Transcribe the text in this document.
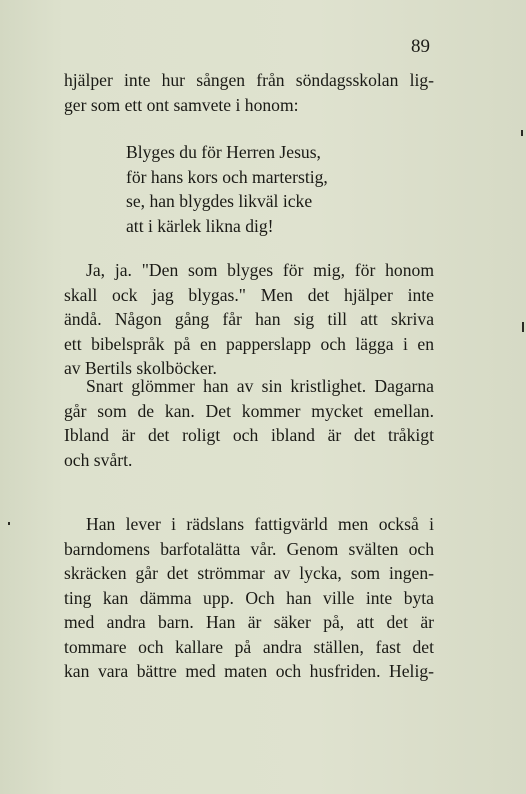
89
hjälper inte hur sången från söndagsskolan lig-
ger som ett ont samvete i honom:
Blyges du för Herren Jesus,
för hans kors och marterstig,
se, han blygdes likväl icke
att i kärlek likna dig!
Ja, ja. "Den som blyges för mig, för honom
skall ock jag blygas." Men det hjälper inte
ändå. Någon gång får han sig till att skriva
ett bibelspråk på en papperslapp och lägga i en
av Bertils skolböcker.
Snart glömmer han av sin kristlighet. Dagarna
går som de kan. Det kommer mycket emellan.
Ibland är det roligt och ibland är det tråkigt
och svårt.
Han lever i rädslans fattigvärld men också i
barndomens barfotalätta vår. Genom svälten och
skräcken går det strömmar av lycka, som ingen-
ting kan dämma upp. Och han ville inte byta
med andra barn. Han är säker på, att det är
tommare och kallare på andra ställen, fast det
kan vara bättre med maten och husfriden. Helig-
